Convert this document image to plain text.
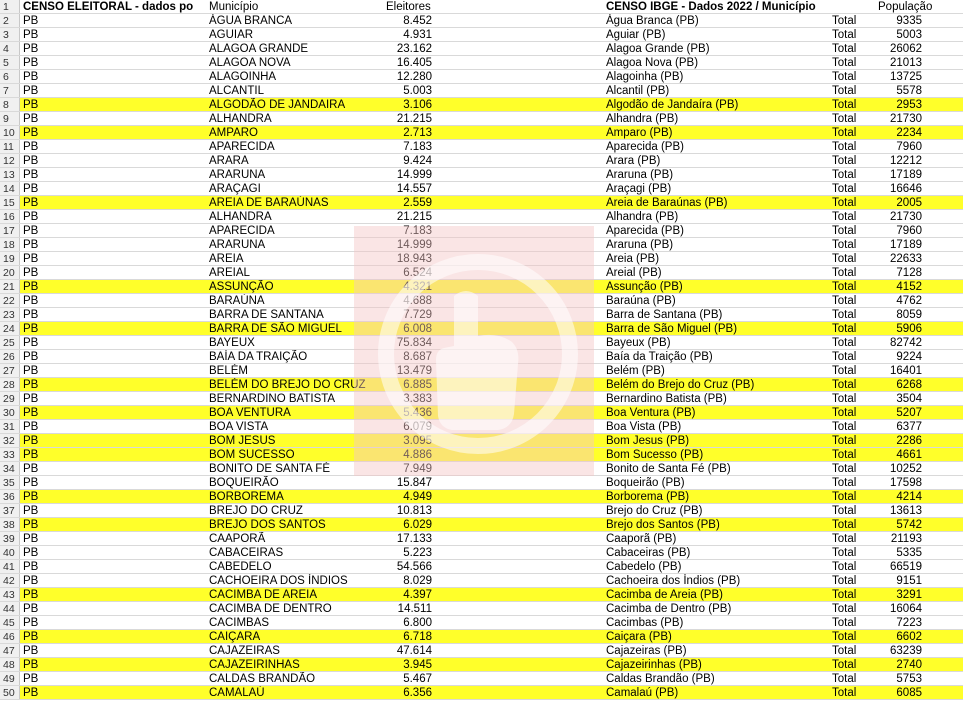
1	CENSO ELEITORAL - dados po	Município	Eleitores	CENSO IBGE - Dados 2022 / Município	População
2	PB	ÁGUA BRANCA	8.452	Água Branca (PB)	Total	9335
3	PB	AGUIAR	4.931	Aguiar (PB)	Total	5003
4	PB	ALAGOA GRANDE	23.162	Alagoa Grande (PB)	Total	26062
5	PB	ALAGOA NOVA	16.405	Alagoa Nova (PB)	Total	21013
6	PB	ALAGOINHA	12.280	Alagoinha (PB)	Total	13725
7	PB	ALCANTIL	5.003	Alcantil (PB)	Total	5578
8	PB	ALGODÃO DE JANDAIRA	3.106	Algodão de Jandaíra (PB)	Total	2953
9	PB	ALHANDRA	21.215	Alhandra (PB)	Total	21730
10 PB	AMPARO	2.713	Amparo (PB)	Total	2234
11 PB	APARECIDA	7.183	Aparecida (PB)	Total	7960
12 PB	ARARA	9.424	Arara (PB)	Total	12212
13 PB	ARARUNA	14.999	Araruna (PB)	Total	17189
14 PB	ARAÇAGI	14.557	Araçagi (PB)	Total	16646
15 PB	AREIA DE BARAÚNAS	2.559	Areia de Baraúnas (PB)	Total	2005
16 PB	ALHANDRA	21.215	Alhandra (PB)	Total	21730
17 PB	APARECIDA	7.183	Aparecida (PB)	Total	7960
18 PB	ARARUNA	14.999	Araruna (PB)	Total	17189
19 PB	AREIA	18.943	Areia (PB)	Total	22633
20 PB	AREIAL	6.524	Areial (PB)	Total	7128
21 PB	ASSUNÇÃO	4.321	Assunção (PB)	Total	4152
22 PB	BARAÚNA	4.688	Baraúna (PB)	Total	4762
23 PB	BARRA DE SANTANA	7.729	Barra de Santana (PB)	Total	8059
24 PB	BARRA DE SÃO MIGUEL	6.008	Barra de São Miguel (PB)	Total	5906
25 PB	BAYEUX	75.834	Bayeux (PB)	Total	82742
26 PB	BAÍA DA TRAIÇÃO	8.687	Baía da Traição (PB)	Total	9224
27 PB	BELÉM	13.479	Belém (PB)	Total	16401
28 PB	BELÉM DO BREJO DO CRUZ	6.885	Belém do Brejo do Cruz (PB)	Total	6268
29 PB	BERNARDINO BATISTA	3.383	Bernardino Batista (PB)	Total	3504
30 PB	BOA VENTURA	5.436	Boa Ventura (PB)	Total	5207
31 PB	BOA VISTA	6.079	Boa Vista (PB)	Total	6377
32 PB	BOM JESUS	3.095	Bom Jesus (PB)	Total	2286
33 PB	BOM SUCESSO	4.886	Bom Sucesso (PB)	Total	4661
34 PB	BONITO DE SANTA FÉ	7.949	Bonito de Santa Fé (PB)	Total	10252
35 PB	BOQUEIRÃO	15.847	Boqueirão (PB)	Total	17598
36 PB	BORBOREMA	4.949	Borborema (PB)	Total	4214
37 PB	BREJO DO CRUZ	10.813	Brejo do Cruz (PB)	Total	13613
38 PB	BREJO DOS SANTOS	6.029	Brejo dos Santos (PB)	Total	5742
39 PB	CAAPORÃ	17.133	Caaporã (PB)	Total	21193
40 PB	CABACEIRAS	5.223	Cabaceiras (PB)	Total	5335
41 PB	CABEDELO	54.566	Cabedelo (PB)	Total	66519
42 PB	CACHOEIRA DOS ÍNDIOS	8.029	Cachoeira dos Índios (PB)	Total	9151
43 PB	CACIMBA DE AREIA	4.397	Cacimba de Areia (PB)	Total	3291
44 PB	CACIMBA DE DENTRO	14.511	Cacimba de Dentro (PB)	Total	16064
45 PB	CACIMBAS	6.800	Cacimbas (PB)	Total	7223
46 PB	CAIÇARA	6.718	Caiçara (PB)	Total	6602
47 PB	CAJAZEIRAS	47.614	Cajazeiras (PB)	Total	63239
48 PB	CAJAZEIRINHAS	3.945	Cajazeirinhas (PB)	Total	2740
49 PB	CALDAS BRANDÃO	5.467	Caldas Brandão (PB)	Total	5753
50 PB	CAMALAÚ	6.356	Camalaú (PB)	Total	6085
